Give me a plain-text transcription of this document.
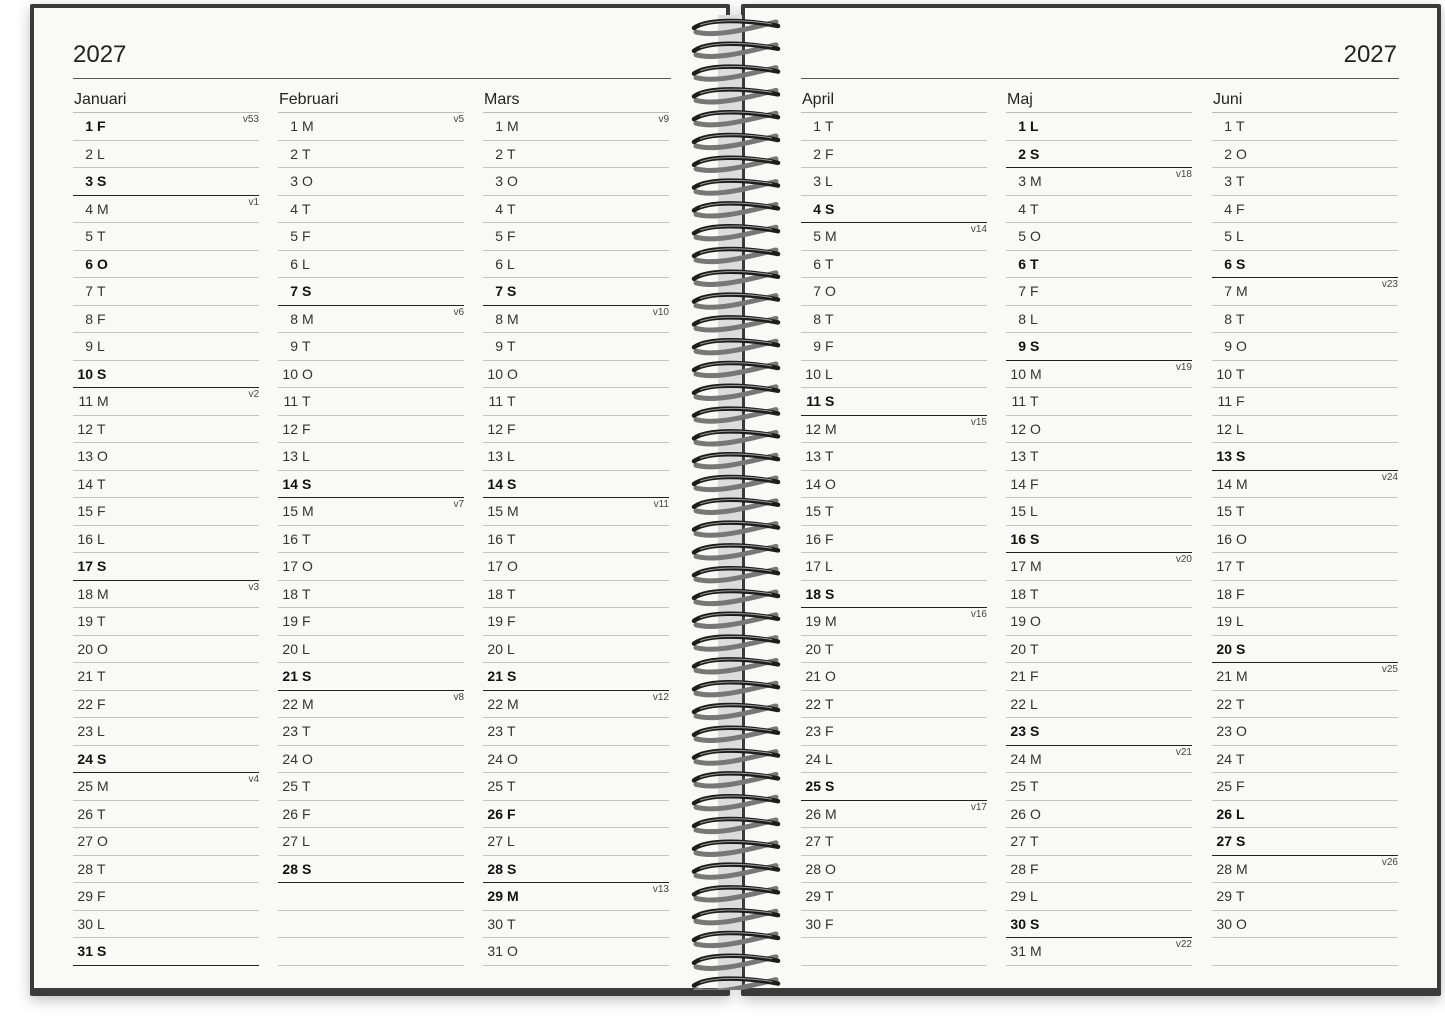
2027
Januari
1 F	v53
2 L
3 S
4 M	v1
5 T
6 O
7 T
8 F
9 L
10 S
11 M	v2
12 T
13 O
14 T
15 F
16 L
17 S
18 M	v3
19 T
20 O
21 T
22 F
23 L
24 S
25 M	v4
26 T
27 O
28 T
29 F
30 L
31 S
Februari
1 M	v5
2 T
3 O
4 T
5 F
6 L
7 S
8 M	v6
9 T
10 O
11 T
12 F
13 L
14 S
15 M	v7
16 T
17 O
18 T
19 F
20 L
21 S
22 M	v8
23 T
24 O
25 T
26 F
27 L
28 S
Mars
1 M	v9
2 T
3 O
4 T
5 F
6 L
7 S
8 M	v10
9 T
10 O
11 T
12 F
13 L
14 S
15 M	v11
16 T
17 O
18 T
19 F
20 L
21 S
22 M	v12
23 T
24 O
25 T
26 F
27 L
28 S
29 M	v13
30 T
31 O
2027
April
1 T
2 F
3 L
4 S
5 M	v14
6 T
7 O
8 T
9 F
10 L
11 S
12 M	v15
13 T
14 O
15 T
16 F
17 L
18 S
19 M	v16
20 T
21 O
22 T
23 F
24 L
25 S
26 M	v17
27 T
28 O
29 T
30 F
Maj
1 L
2 S
3 M	v18
4 T
5 O
6 T
7 F
8 L
9 S
10 M	v19
11 T
12 O
13 T
14 F
15 L
16 S
17 M	v20
18 T
19 O
20 T
21 F
22 L
23 S
24 M	v21
25 T
26 O
27 T
28 F
29 L
30 S
31 M	v22
Juni
1 T
2 O
3 T
4 F
5 L
6 S
7 M	v23
8 T
9 O
10 T
11 F
12 L
13 S
14 M	v24
15 T
16 O
17 T
18 F
19 L
20 S
21 M	v25
22 T
23 O
24 T
25 F
26 L
27 S
28 M	v26
29 T
30 O
